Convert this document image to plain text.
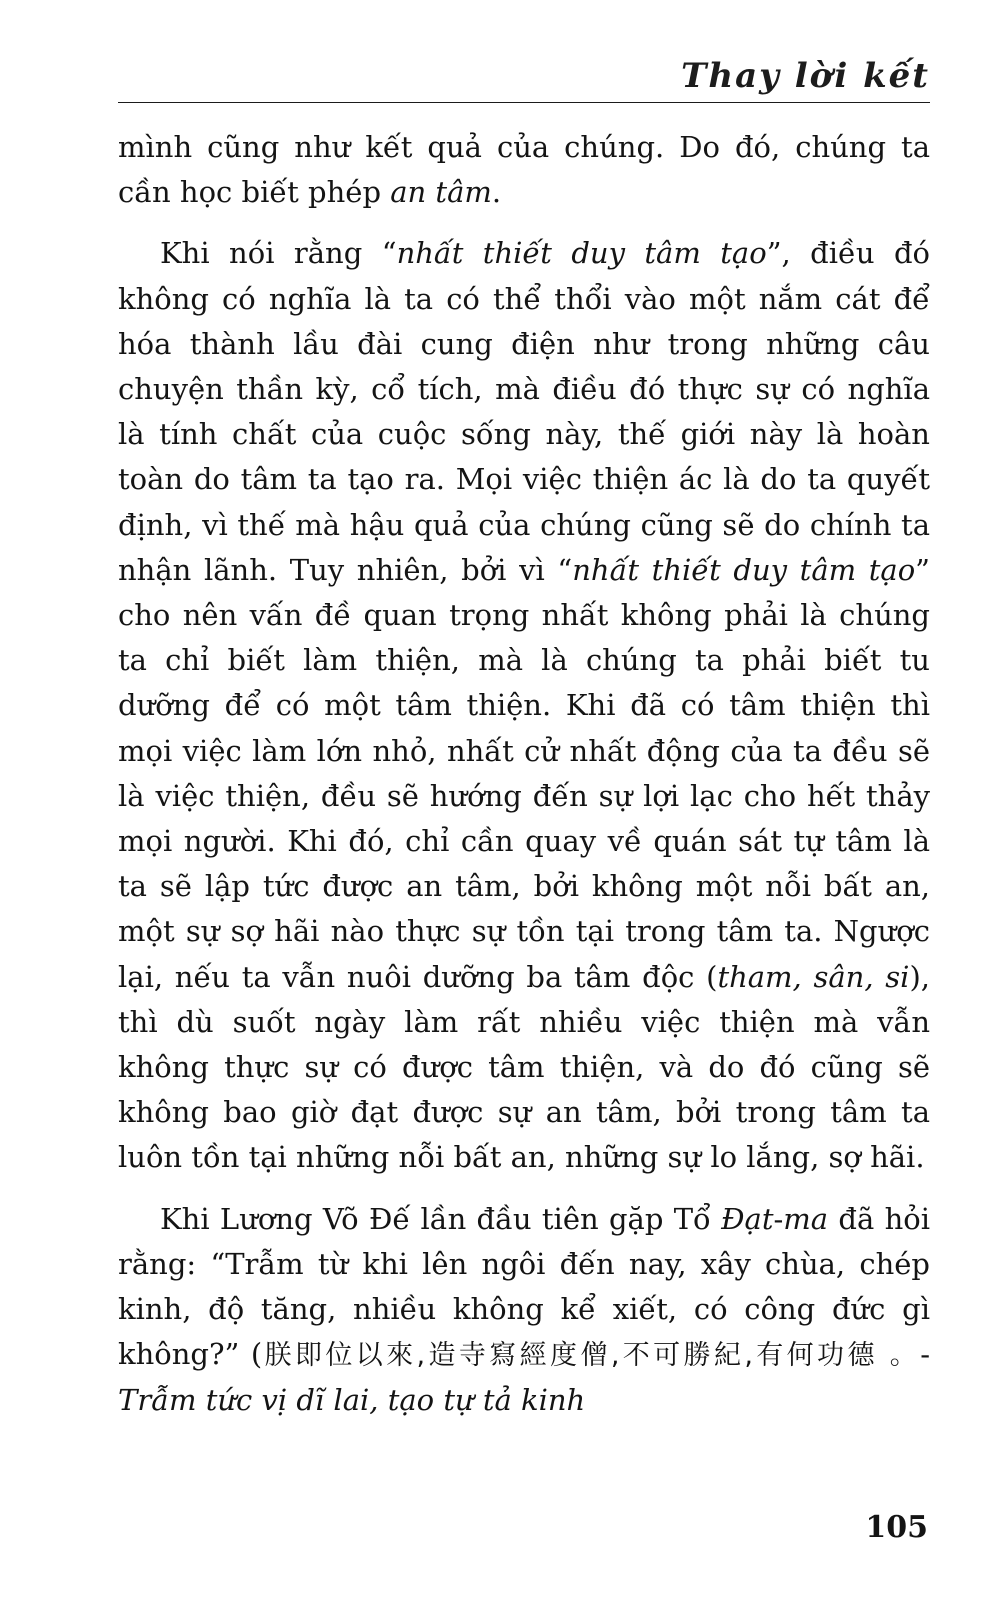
Thay lời kết

mình cũng như kết quả của chúng. Do đó, chúng ta cần học biết phép an tâm.

Khi nói rằng “nhất thiết duy tâm tạo”, điều đó không có nghĩa là ta có thể thổi vào một nắm cát để hóa thành lầu đài cung điện như trong những câu chuyện thần kỳ, cổ tích, mà điều đó thực sự có nghĩa là tính chất của cuộc sống này, thế giới này là hoàn toàn do tâm ta tạo ra. Mọi việc thiện ác là do ta quyết định, vì thế mà hậu quả của chúng cũng sẽ do chính ta nhận lãnh. Tuy nhiên, bởi vì “nhất thiết duy tâm tạo” cho nên vấn đề quan trọng nhất không phải là chúng ta chỉ biết làm thiện, mà là chúng ta phải biết tu dưỡng để có một tâm thiện. Khi đã có tâm thiện thì mọi việc làm lớn nhỏ, nhất cử nhất động của ta đều sẽ là việc thiện, đều sẽ hướng đến sự lợi lạc cho hết thảy mọi người. Khi đó, chỉ cần quay về quán sát tự tâm là ta sẽ lập tức được an tâm, bởi không một nỗi bất an, một sự sợ hãi nào thực sự tồn tại trong tâm ta. Ngược lại, nếu ta vẫn nuôi dưỡng ba tâm độc (tham, sân, si), thì dù suốt ngày làm rất nhiều việc thiện mà vẫn không thực sự có được tâm thiện, và do đó cũng sẽ không bao giờ đạt được sự an tâm, bởi trong tâm ta luôn tồn tại những nỗi bất an, những sự lo lắng, sợ hãi.

Khi Lương Võ Đế lần đầu tiên gặp Tổ Đạt-ma đã hỏi rằng: “Trẫm từ khi lên ngôi đến nay, xây chùa, chép kinh, độ tăng, nhiều không kể xiết, có công đức gì không?” (朕即位以來,造寺寫經度僧,不可勝紀,有何功德 。- Trẫm tức vị dĩ lai, tạo tự tả kinh

105
